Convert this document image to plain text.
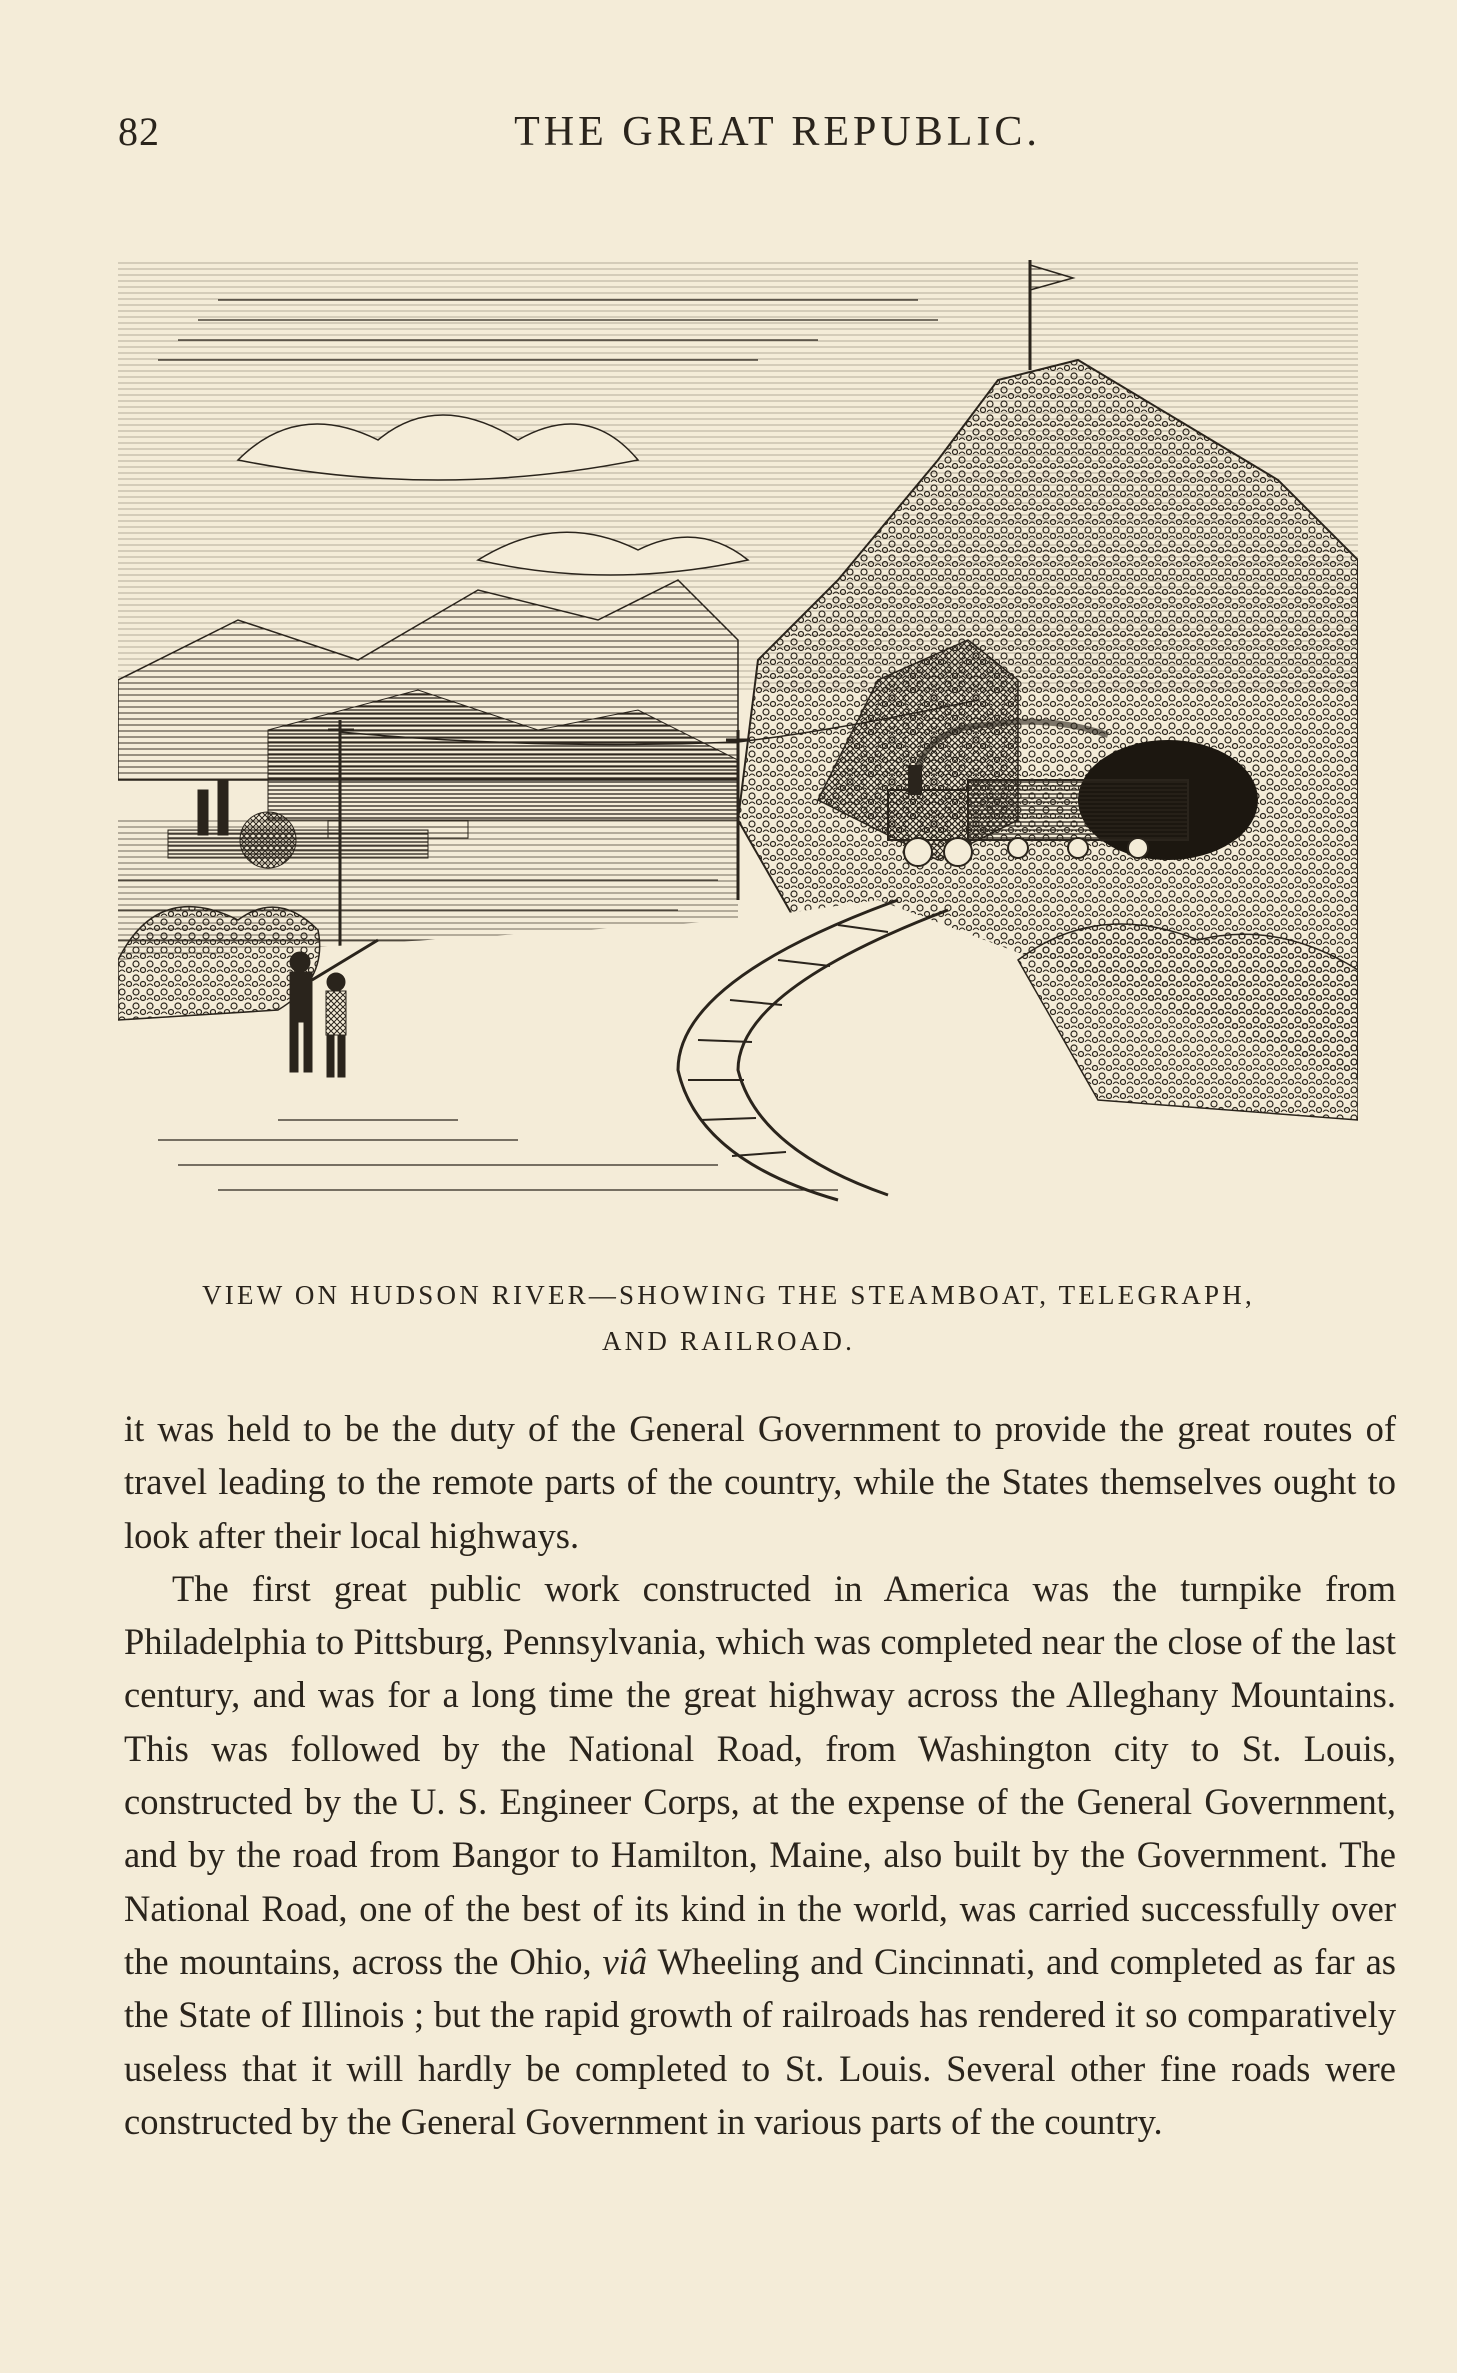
82	THE GREAT REPUBLIC.
VIEW ON HUDSON RIVER—SHOWING THE STEAMBOAT, TELEGRAPH,
AND RAILROAD.

it was held to be the duty of the General Government to provide the great routes of travel leading to the remote parts of the country, while the States themselves ought to look after their local highways.

The first great public work constructed in America was the turnpike from Philadelphia to Pittsburg, Pennsylvania, which was completed near the close of the last century, and was for a long time the great highway across the Alleghany Mountains. This was followed by the National Road, from Washington city to St. Louis, constructed by the U. S. Engineer Corps, at the expense of the General Government, and by the road from Bangor to Hamilton, Maine, also built by the Government. The National Road, one of the best of its kind in the world, was carried successfully over the mountains, across the Ohio, viâ Wheeling and Cincinnati, and completed as far as the State of Illinois ; but the rapid growth of railroads has rendered it so comparatively useless that it will hardly be completed to St. Louis. Several other fine roads were constructed by the General Government in various parts of the country.
